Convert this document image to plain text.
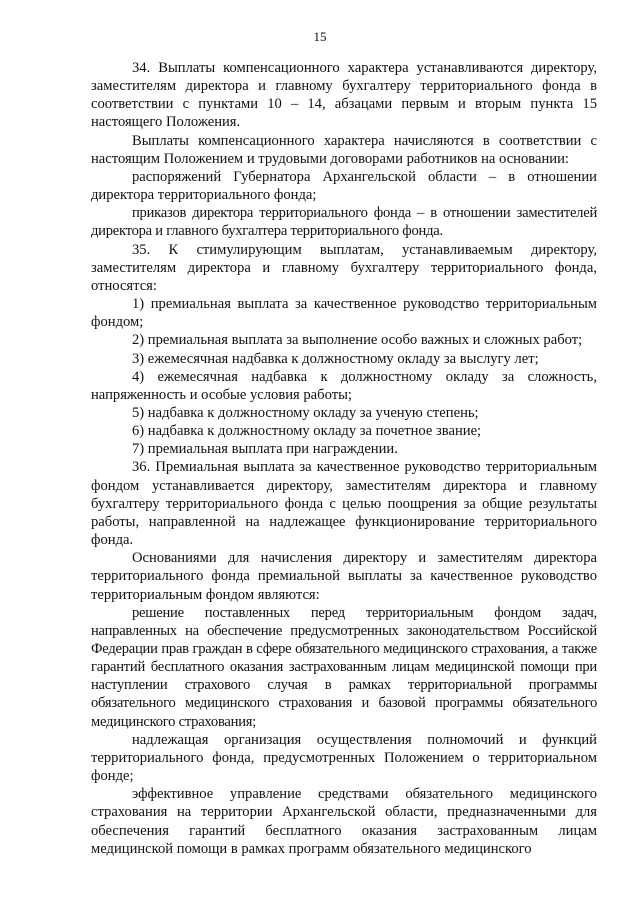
15

34. Выплаты компенсационного характера устанавливаются директору, заместителям директора и главному бухгалтеру территориального фонда в соответствии с пунктами 10 – 14, абзацами первым и вторым пункта 15 настоящего Положения.

Выплаты компенсационного характера начисляются в соответствии с настоящим Положением и трудовыми договорами работников на основании:

распоряжений Губернатора Архангельской области – в отношении директора территориального фонда;

приказов директора территориального фонда – в отношении заместителей директора и главного бухгалтера территориального фонда.

35. К стимулирующим выплатам, устанавливаемым директору, заместителям директора и главному бухгалтеру территориального фонда, относятся:

1) премиальная выплата за качественное руководство территориальным фондом;

2) премиальная выплата за выполнение особо важных и сложных работ;

3) ежемесячная надбавка к должностному окладу за выслугу лет;

4) ежемесячная надбавка к должностному окладу за сложность, напряженность и особые условия работы;

5) надбавка к должностному окладу за ученую степень;

6) надбавка к должностному окладу за почетное звание;

7) премиальная выплата при награждении.

36. Премиальная выплата за качественное руководство территориальным фондом устанавливается директору, заместителям директора и главному бухгалтеру территориального фонда с целью поощрения за общие результаты работы, направленной на надлежащее функционирование территориального фонда.

Основаниями для начисления директору и заместителям директора территориального фонда премиальной выплаты за качественное руководство территориальным фондом являются:

решение поставленных перед территориальным фондом задач, направленных на обеспечение предусмотренных законодательством Российской Федерации прав граждан в сфере обязательного медицинского страхования, а также гарантий бесплатного оказания застрахованным лицам медицинской помощи при наступлении страхового случая в рамках территориальной программы обязательного медицинского страхования и базовой программы обязательного медицинского страхования;

надлежащая организация осуществления полномочий и функций территориального фонда, предусмотренных Положением о территориальном фонде;

эффективное управление средствами обязательного медицинского страхования на территории Архангельской области, предназначенными для обеспечения гарантий бесплатного оказания застрахованным лицам медицинской помощи в рамках программ обязательного медицинского
